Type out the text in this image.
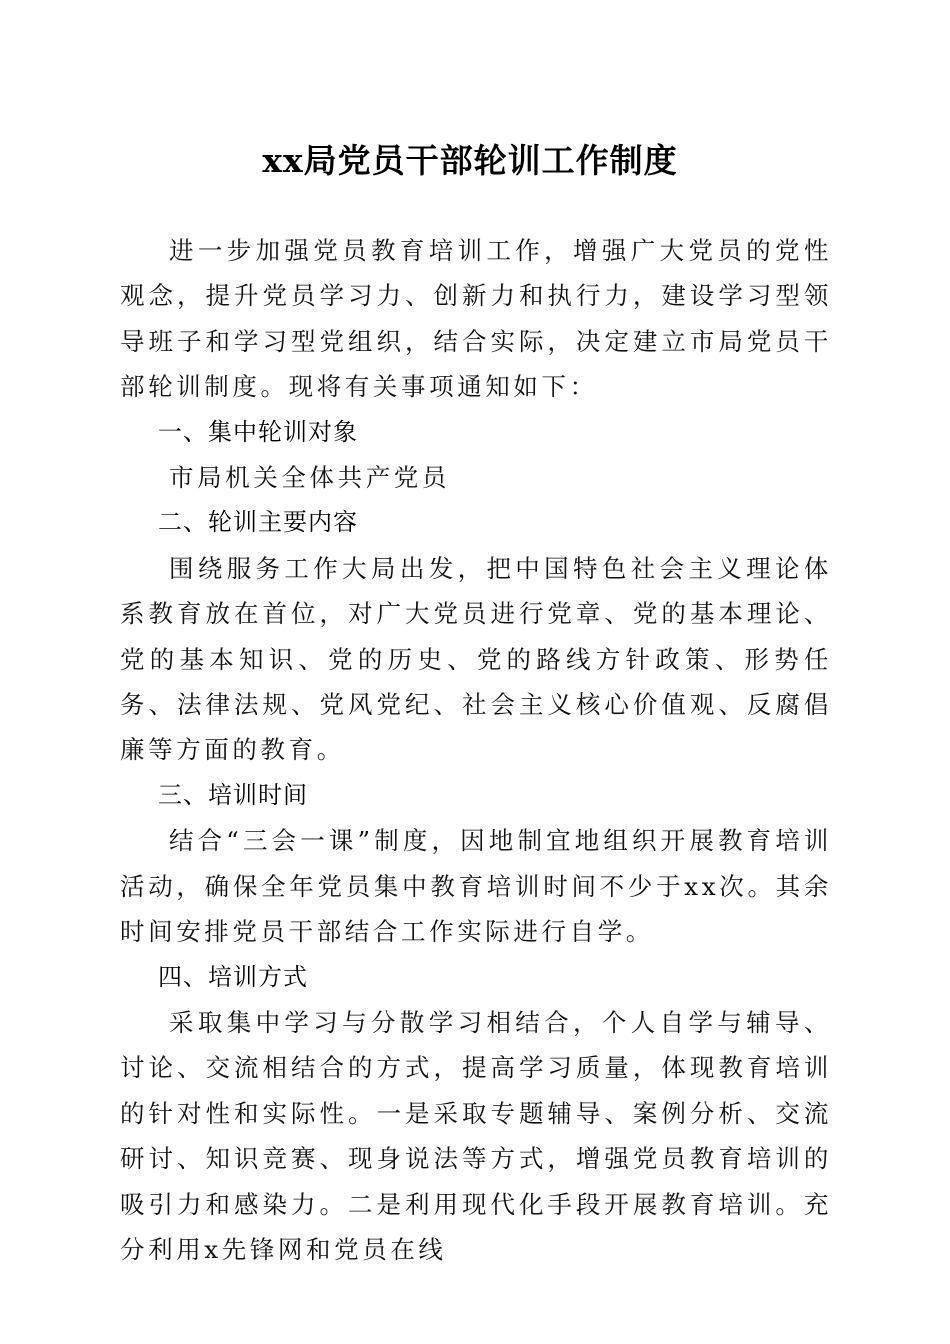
xx局党员干部轮训工作制度

进一步加强党员教育培训工作，增强广大党员的党性观念，提升党员学习力、创新力和执行力，建设学习型领导班子和学习型党组织，结合实际，决定建立市局党员干部轮训制度。现将有关事项通知如下：

一、集中轮训对象

市局机关全体共产党员

二、轮训主要内容

围绕服务工作大局出发，把中国特色社会主义理论体系教育放在首位，对广大党员进行党章、党的基本理论、党的基本知识、党的历史、党的路线方针政策、形势任务、法律法规、党风党纪、社会主义核心价值观、反腐倡廉等方面的教育。

三、培训时间

结合“三会一课”制度，因地制宜地组织开展教育培训活动，确保全年党员集中教育培训时间不少于xx次。其余时间安排党员干部结合工作实际进行自学。

四、培训方式

采取集中学习与分散学习相结合，个人自学与辅导、讨论、交流相结合的方式，提高学习质量，体现教育培训的针对性和实际性。一是采取专题辅导、案例分析、交流研讨、知识竞赛、现身说法等方式，增强党员教育培训的吸引力和感染力。二是利用现代化手段开展教育培训。充分利用x先锋网和党员在线
